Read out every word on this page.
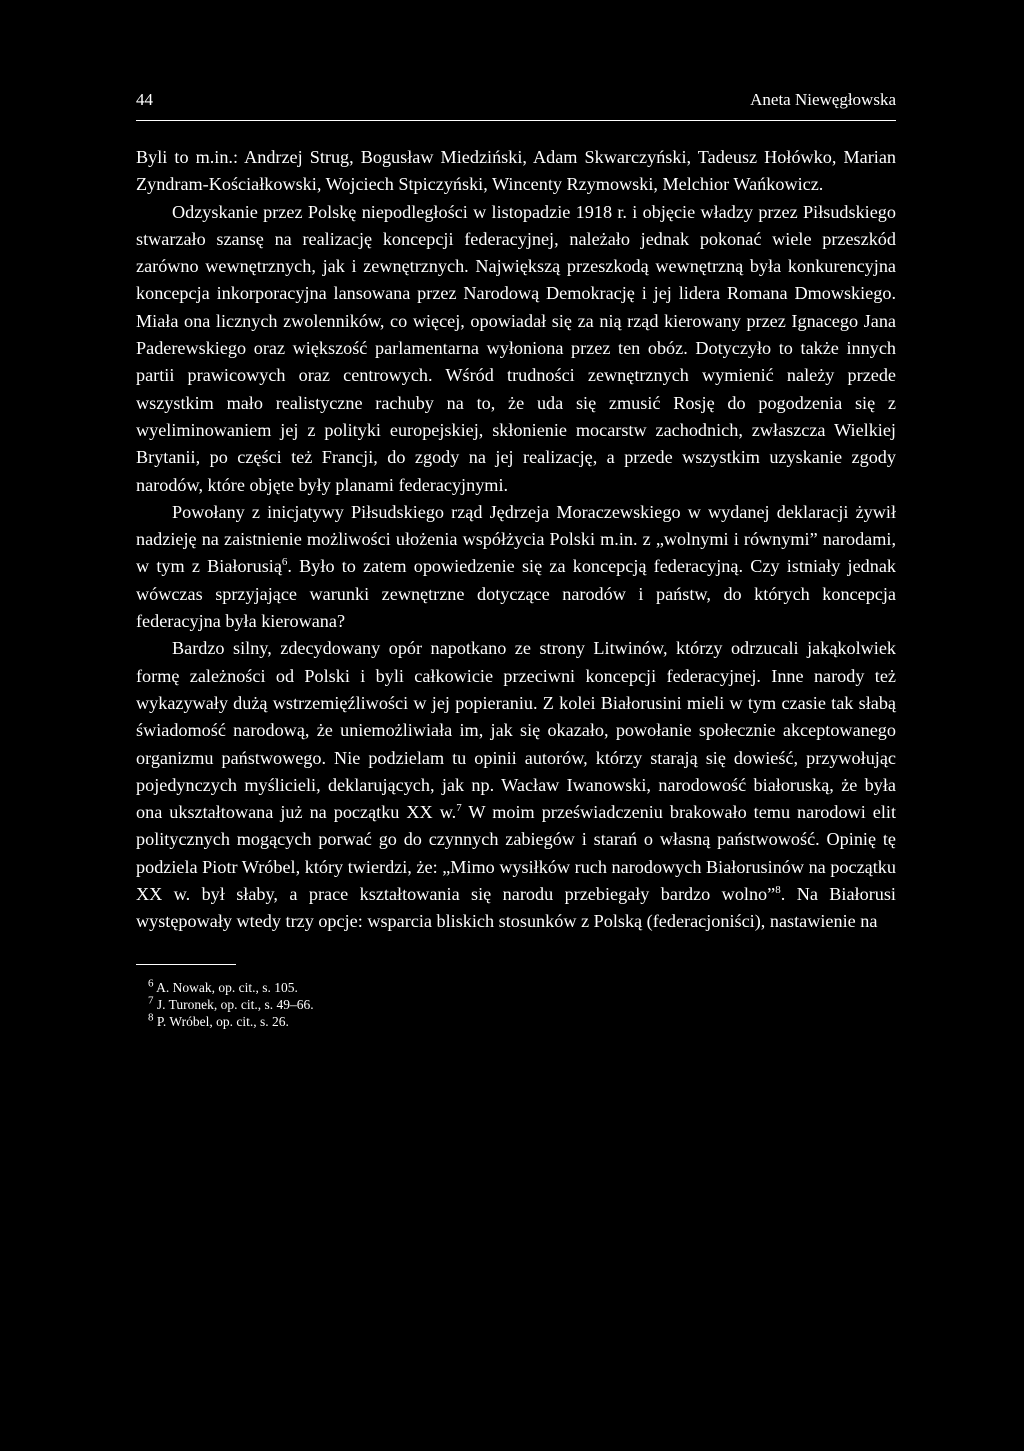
44	Aneta Niewęgłowska

Byli to m.in.: Andrzej Strug, Bogusław Miedziński, Adam Skwarczyński, Tadeusz Hołówko, Marian Zyndram-Kościałkowski, Wojciech Stpiczyński, Wincenty Rzymowski, Melchior Wańkowicz.

Odzyskanie przez Polskę niepodległości w listopadzie 1918 r. i objęcie władzy przez Piłsudskiego stwarzało szansę na realizację koncepcji federacyjnej, należało jednak pokonać wiele przeszkód zarówno wewnętrznych, jak i zewnętrznych. Największą przeszkodą wewnętrzną była konkurencyjna koncepcja inkorporacyjna lansowana przez Narodową Demokrację i jej lidera Romana Dmowskiego. Miała ona licznych zwolenników, co więcej, opowiadał się za nią rząd kierowany przez Ignacego Jana Paderewskiego oraz większość parlamentarna wyłoniona przez ten obóz. Dotyczyło to także innych partii prawicowych oraz centrowych. Wśród trudności zewnętrznych wymienić należy przede wszystkim mało realistyczne rachuby na to, że uda się zmusić Rosję do pogodzenia się z wyeliminowaniem jej z polityki europejskiej, skłonienie mocarstw zachodnich, zwłaszcza Wielkiej Brytanii, po części też Francji, do zgody na jej realizację, a przede wszystkim uzyskanie zgody narodów, które objęte były planami federacyjnymi.

Powołany z inicjatywy Piłsudskiego rząd Jędrzeja Moraczewskiego w wydanej deklaracji żywił nadzieję na zaistnienie możliwości ułożenia współżycia Polski m.in. z „wolnymi i równymi” narodami, w tym z Białorusią$^6$. Było to zatem opowiedzenie się za koncepcją federacyjną. Czy istniały jednak wówczas sprzyjające warunki zewnętrzne dotyczące narodów i państw, do których koncepcja federacyjna była kierowana?

Bardzo silny, zdecydowany opór napotkano ze strony Litwinów, którzy odrzucali jakąkolwiek formę zależności od Polski i byli całkowicie przeciwni koncepcji federacyjnej. Inne narody też wykazywały dużą wstrzemięźliwości w jej popieraniu. Z kolei Białorusini mieli w tym czasie tak słabą świadomość narodową, że uniemożliwiała im, jak się okazało, powołanie społecznie akceptowanego organizmu państwowego. Nie podzielam tu opinii autorów, którzy starają się dowieść, przywołując pojedynczych myślicieli, deklarujących, jak np. Wacław Iwanowski, narodowość białoruską, że była ona ukształtowana już na początku XX w.$^7$ W moim przeświadczeniu brakowało temu narodowi elit politycznych mogących porwać go do czynnych zabiegów i starań o własną państwowość. Opinię tę podziela Piotr Wróbel, który twierdzi, że: „Mimo wysiłków ruch narodowych Białorusinów na początku XX w. był słaby, a prace kształtowania się narodu przebiegały bardzo wolno”$^8$. Na Białorusi występowały wtedy trzy opcje: wsparcia bliskich stosunków z Polską (federacjoniści), nastawienie na

$^6$ A. Nowak, op. cit., s. 105.

$^7$ J. Turonek, op. cit., s. 49–66.

$^8$ P. Wróbel, op. cit., s. 26.
